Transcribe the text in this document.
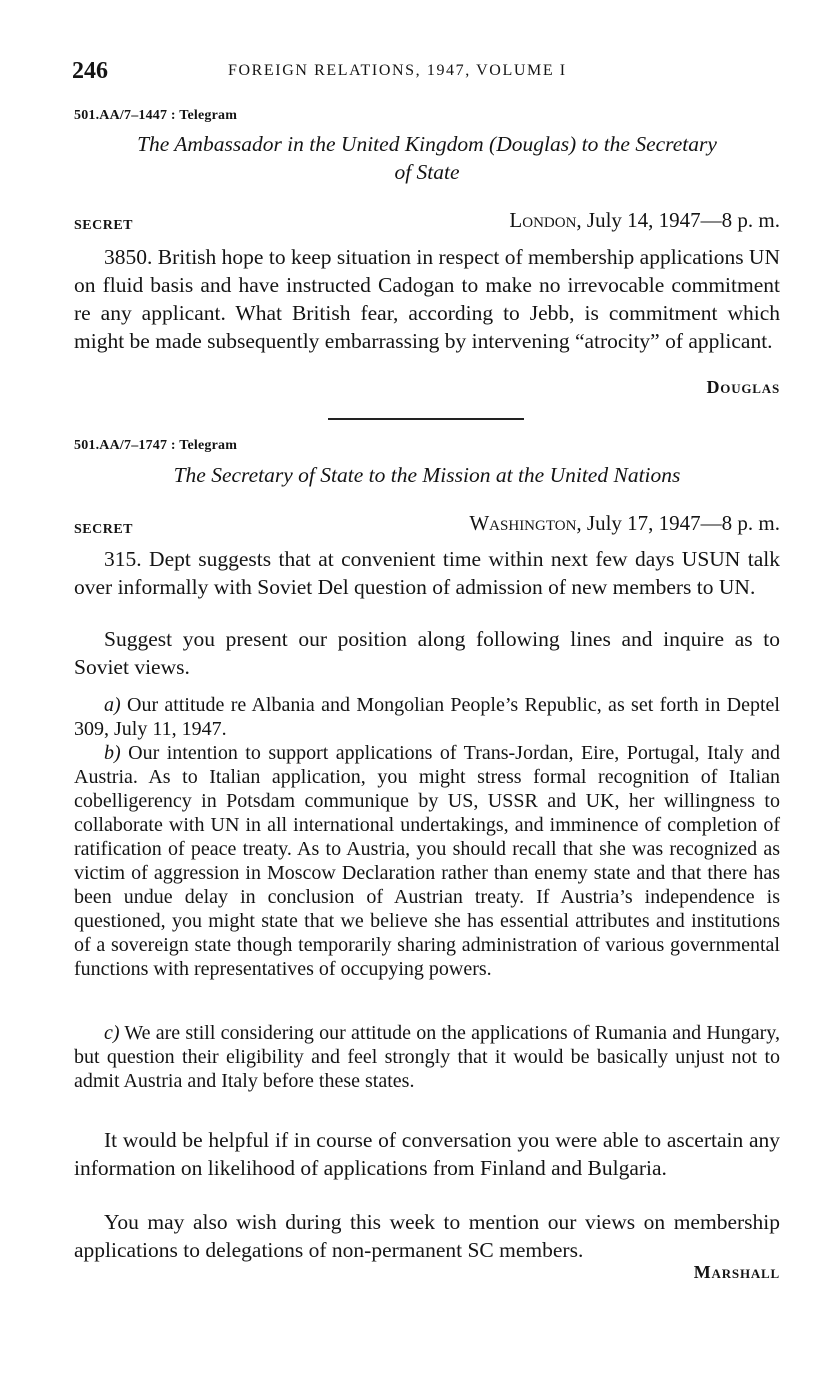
246	FOREIGN RELATIONS, 1947, VOLUME I
501.AA/7–1447 : Telegram
The Ambassador in the United Kingdom (Douglas) to the Secretary
of State
SECRET	London, July 14, 1947—8 p. m.

3850. British hope to keep situation in respect of membership applications UN on fluid basis and have instructed Cadogan to make no irrevocable commitment re any applicant. What British fear, according to Jebb, is commitment which might be made subsequently embarrassing by intervening “atrocity” of applicant.

Douglas
501.AA/7–1747 : Telegram
The Secretary of State to the Mission at the United Nations
SECRET	Washington, July 17, 1947—8 p. m.

315. Dept suggests that at convenient time within next few days USUN talk over informally with Soviet Del question of admission of new members to UN.

Suggest you present our position along following lines and inquire as to Soviet views.

a) Our attitude re Albania and Mongolian People’s Republic, as set forth in Deptel 309, July 11, 1947.

b) Our intention to support applications of Trans-Jordan, Eire, Portugal, Italy and Austria. As to Italian application, you might stress formal recognition of Italian cobelligerency in Potsdam communique by US, USSR and UK, her willingness to collaborate with UN in all international undertakings, and imminence of completion of ratification of peace treaty. As to Austria, you should recall that she was recognized as victim of aggression in Moscow Declaration rather than enemy state and that there has been undue delay in conclusion of Austrian treaty. If Austria’s independence is questioned, you might state that we believe she has essential attributes and institutions of a sovereign state though temporarily sharing administration of various governmental functions with representatives of occupying powers.

c) We are still considering our attitude on the applications of Rumania and Hungary, but question their eligibility and feel strongly that it would be basically unjust not to admit Austria and Italy before these states.

It would be helpful if in course of conversation you were able to ascertain any information on likelihood of applications from Finland and Bulgaria.

You may also wish during this week to mention our views on membership applications to delegations of non-permanent SC members.

Marshall
